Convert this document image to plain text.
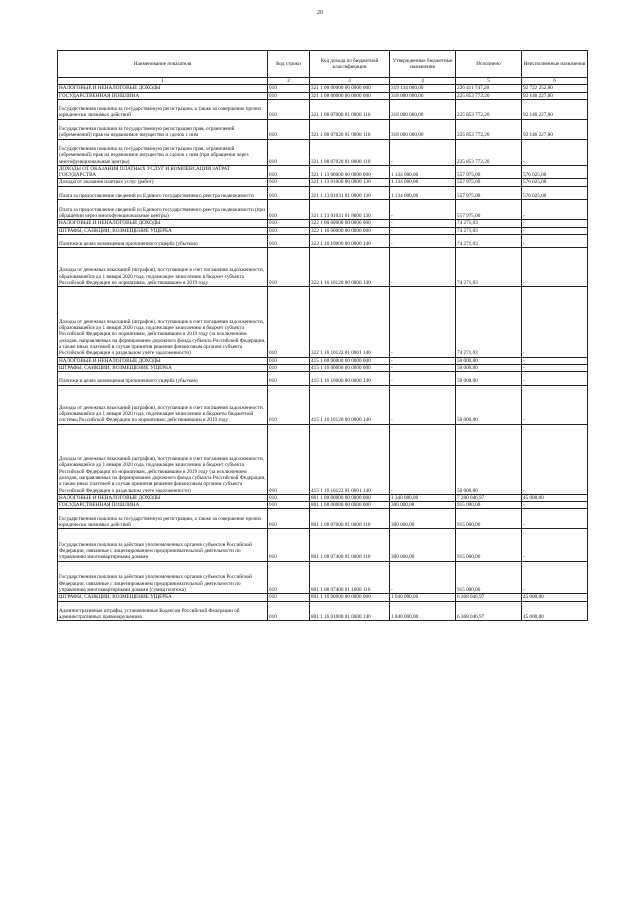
20
Наименование показателя	Код строки	Код дохода по бюджетной классификации	Утвержденные бюджетные назначения	Исполнено	Неисполненные назначения
1	2	3	4	5	6
НАЛОГОВЫЕ И НЕНАЛОГОВЫЕ ДОХОДЫ	010	321 1 00 00000 00 0000 000	319 134 000,00	226 411 747,20	92 722 252,80
ГОСУДАРСТВЕННАЯ ПОШЛИНА	010	321 1 08 00000 00 0000 000	318 000 000,00	225 853 772,20	92 146 227,80
Государственная пошлина за государственную регистрацию, а также за совершение прочих юридически значимых действий	010	321 1 08 07000 01 0000 110	318 000 000,00	225 853 772,20	92 146 227,80
Государственная пошлина за государственную регистрацию прав, ограничений (обременений) прав на недвижимое имущество и сделок с ним	010	321 1 08 07020 01 0000 110	318 000 000,00	225 853 772,20	92 146 227,80
Государственная пошлина за государственную регистрацию прав, ограничений (обременений) прав на недвижимое имущество и сделок с ним (при обращении через многофункциональные центры)	010	321 1 08 07020 01 8000 110	-	225 853 772,20	-
ДОХОДЫ ОТ ОКАЗАНИЯ ПЛАТНЫХ УСЛУГ И КОМПЕНСАЦИИ ЗАТРАТ ГОСУДАРСТВА	010	321 1 13 00000 00 0000 000	1 134 000,00	557 975,00	576 025,00
Доходы от оказания платных услуг (работ)	010	321 1 13 01000 00 0000 130	1 134 000,00	557 975,00	576 025,00
Плата за предоставление сведений из Единого государственного реестра недвижимости	010	321 1 13 01031 01 0000 130	1 134 000,00	557 975,00	576 025,00
Плата за предоставление сведений из Единого государственного реестра недвижимости (при обращении через многофункциональные центры)	010	321 1 13 01031 01 8000 130	-	557 975,00	-
НАЛОГОВЫЕ И НЕНАЛОГОВЫЕ ДОХОДЫ	010	322 1 00 00000 00 0000 000	-	74 271,03	-
ШТРАФЫ, САНКЦИИ, ВОЗМЕЩЕНИЕ УЩЕРБА	010	322 1 16 00000 00 0000 000	-	74 271,03	-
Платежи в целях возмещения причиненного ущерба (убытков)	010	322 1 16 10000 00 0000 140	-	74 271,03	-
Доходы от денежных взысканий (штрафов), поступающие в счет погашения задолженности, образовавшейся до 1 января 2020 года, подлежащие зачислению в бюджет субъекта Российской Федерации по нормативам, действовавшим в 2019 году	010	322 1 16 10120 00 0000 140	-	74 271,03	-
Доходы от денежных взысканий (штрафов), поступающие в счет погашения задолженности, образовавшейся до 1 января 2020 года, подлежащие зачислению в бюджет субъекта Российской Федерации по нормативам, действовавшим в 2019 году (за исключением доходов, направляемых на формирование дорожного фонда субъекта Российской Федерации, а также иных платежей в случае принятия решения финансовым органом субъекта Российской Федерации о раздельном учете задолженности)	010	322 1 16 10122 01 0001 140	-	74 271,03	-
НАЛОГОВЫЕ И НЕНАЛОГОВЫЕ ДОХОДЫ	010	415 1 00 00000 00 0000 000	-	50 000,00	-
ШТРАФЫ, САНКЦИИ, ВОЗМЕЩЕНИЕ УЩЕРБА	010	415 1 16 00000 00 0000 000	-	50 000,00	-
Платежи в целях возмещения причиненного ущерба (убытков)	010	415 1 16 10000 00 0000 140	-	50 000,00	-
Доходы от денежных взысканий (штрафов), поступающие в счет погашения задолженности, образовавшейся до 1 января 2020 года, подлежащие зачислению в бюджеты бюджетной системы Российской Федерации по нормативам, действовавшим в 2019 году	010	415 1 16 10120 00 0000 140	-	50 000,00	-
Доходы от денежных взысканий (штрафов), поступающие в счет погашения задолженности, образовавшейся до 1 января 2020 года, подлежащие зачислению в бюджет субъекта Российской Федерации по нормативам, действовавшим в 2019 году (за исключением доходов, направляемых на формирование дорожного фонда субъекта Российской Федерации, а также иных платежей в случае принятия решения финансовым органом субъекта Российской Федерации о раздельном учете задолженности)	010	415 1 16 10122 01 0001 140	-	50 000,00	-
НАЛОГОВЫЕ И НЕНАЛОГОВЫЕ ДОХОДЫ	010	801 1 00 00000 00 0000 000	1 340 000,00	7 280 046,97	45 000,00
ГОСУДАРСТВЕННАЯ ПОШЛИНА	010	801 1 08 00000 00 0000 000	300 000,00	915 000,00	-
Государственная пошлина за государственную регистрацию, а также за совершение прочих юридически значимых действий	010	801 1 08 07000 01 0000 110	300 000,00	915 000,00	-
Государственная пошлина за действия уполномоченных органов субъектов Российской Федерации, связанные с лицензированием предпринимательской деятельности по управлению многоквартирными домами	010	801 1 08 07400 01 0000 110	300 000,00	915 000,00	-
Государственная пошлина за действия уполномоченных органов субъектов Российской Федерации, связанные с лицензированием предпринимательской деятельности по управлению многоквартирными домами (сумма платежа)	010	801 1 08 07400 01 1000 110	-	915 000,00	-
ШТРАФЫ, САНКЦИИ, ВОЗМЕЩЕНИЕ УЩЕРБА	010	801 1 16 00000 00 0000 000	1 040 000,00	6 368 046,97	45 000,00
Административные штрафы, установленные Кодексом Российской Федерации об административных правонарушениях	010	801 1 16 01000 01 0000 140	1 040 000,00	6 368 046,97	45 000,00
